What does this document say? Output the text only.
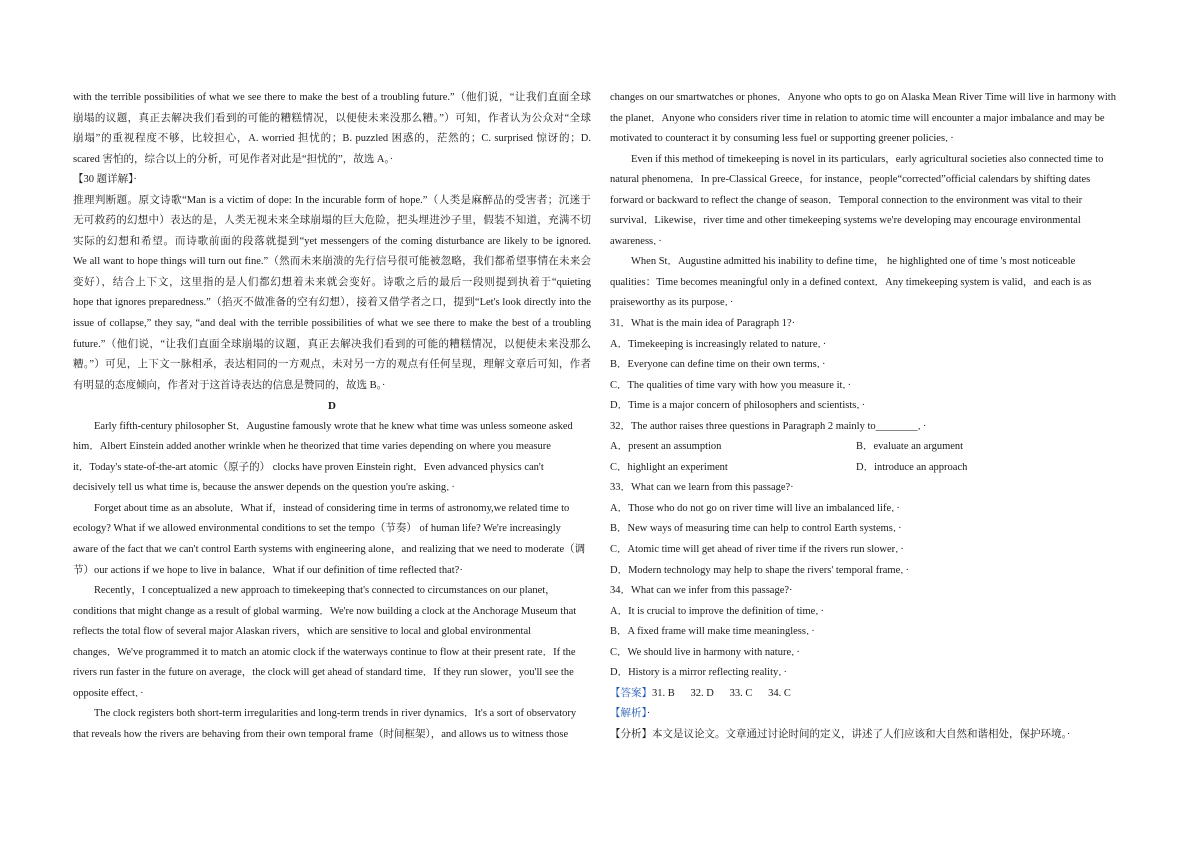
with the terrible possibilities of what we see there to make the best of a troubling future.”（他们说，“让我们直面全球
崩塌的议题，真正去解决我们看到的可能的糟糕情况，以便使未来没那么糟。”）可知，作者认为公众对“全球
崩塌”的重视程度不够，比较担心，A. worried 担忧的；B. puzzled 困惑的，茫然的；C. surprised 惊讶的；D.
scared 害怕的，综合以上的分析，可见作者对此是“担忧的”，故选 A。·
【30 题详解】·
推理判断题。原文诗歌“Man is a victim of dope: In the incurable form of hope.”（人类是麻醉品的受害者；沉迷于
无可救药的幻想中）表达的是，人类无视未来全球崩塌的巨大危险，把头埋进沙子里，假装不知道，充满不切
实际的幻想和希望。而诗歌前面的段落就提到“yet messengers of the coming disturbance are likely to be ignored.
We all want to hope things will turn out fine.”（然而未来崩溃的先行信号很可能被忽略，我们都希望事情在未来会
变好），结合上下文，这里指的是人们都幻想着未来就会变好。诗歌之后的最后一段则提到执着于“quieting
hope that ignores preparedness.”（掐灭不做准备的空有幻想），接着又借学者之口，提到“Let's look directly into the
issue of collapse,” they say, “and deal with the terrible possibilities of what we see there to make the best of a troubling
future.”（他们说，“让我们直面全球崩塌的议题，真正去解决我们看到的可能的糟糕情况，以便使未来没那么
糟。”）可见，上下文一脉相承，表达相同的一方观点，未对另一方的观点有任何呈现，理解文章后可知，作者
有明显的态度倾向，作者对于这首诗表达的信息是赞同的，故选 B。·
D
Early fifth-century philosopher St．Augustine famously wrote that he knew what time was unless someone asked
him．Albert Einstein added another wrinkle when he theorized that time varies depending on where you measure
it．Today's state-of-the-art atomic（原子的） clocks have proven Einstein right．Even advanced physics can't
decisively tell us what time is, because the answer depends on the question you're asking．·
Forget about time as an absolute．What if，instead of considering time in terms of astronomy,we related time to
ecology? What if we allowed environmental conditions to set the tempo（节奏） of human life? We're increasingly
aware of the fact that we can't control Earth systems with engineering alone，and realizing that we need to moderate（调
节）our actions if we hope to live in balance．What if our definition of time reflected that?·
Recently，I conceptualized a new approach to timekeeping that's connected to circumstances on our planet，
conditions that might change as a result of global warming．We're now building a clock at the Anchorage Museum that
reflects the total flow of several major Alaskan rivers，which are sensitive to local and global environmental
changes．We've programmed it to match an atomic clock if the waterways continue to flow at their present rate．If the
rivers run faster in the future on average，the clock will get ahead of standard time．If they run slower，you'll see the
opposite effect．·
The clock registers both short-term irregularities and long-term trends in river dynamics．It's a sort of observatory
that reveals how the rivers are behaving from their own temporal frame（时间框架），and allows us to witness those
changes on our smartwatches or phones．Anyone who opts to go on Alaska Mean River Time will live in harmony with
the planet．Anyone who considers river time in relation to atomic time will encounter a major imbalance and may be
motivated to counteract it by consuming less fuel or supporting greener policies．·
Even if this method of timekeeping is novel in its particulars，early agricultural societies also connected time to
natural phenomena．In pre-Classical Greece，for instance，people“corrected”official calendars by shifting dates
forward or backward to reflect the change of season．Temporal connection to the environment was vital to their
survival．Likewise，river time and other timekeeping systems we're developing may encourage environmental
awareness．·
When St．Augustine admitted his inability to define time， he highlighted one of time 's most noticeable
qualities：Time becomes meaningful only in a defined context．Any timekeeping system is valid，and each is as
praiseworthy as its purpose．·
31．What is the main idea of Paragraph 1?·
A．Timekeeping is increasingly related to nature．·
B．Everyone can define time on their own terms．·
C．The qualities of time vary with how you measure it．·
D．Time is a major concern of philosophers and scientists．·
32．The author raises three questions in Paragraph 2 mainly to________．·
A．present an assumption	B．evaluate an argument
C．highlight an experiment	D．introduce an approach
33．What can we learn from this passage?·
A．Those who do not go on river time will live an imbalanced life．·
B．New ways of measuring time can help to control Earth systems．·
C．Atomic time will get ahead of river time if the rivers run slower．·
D．Modern technology may help to shape the rivers' temporal frame．·
34．What can we infer from this passage?·
A．It is crucial to improve the definition of time．·
B．A fixed frame will make time meaningless．·
C．We should live in harmony with nature．·
D．History is a mirror reflecting reality．·
【答案】31. B      32. D      33. C      34. C
【解析】·
【分析】本文是议论文。文章通过讨论时间的定义，讲述了人们应该和大自然和谐相处，保护环境。·
